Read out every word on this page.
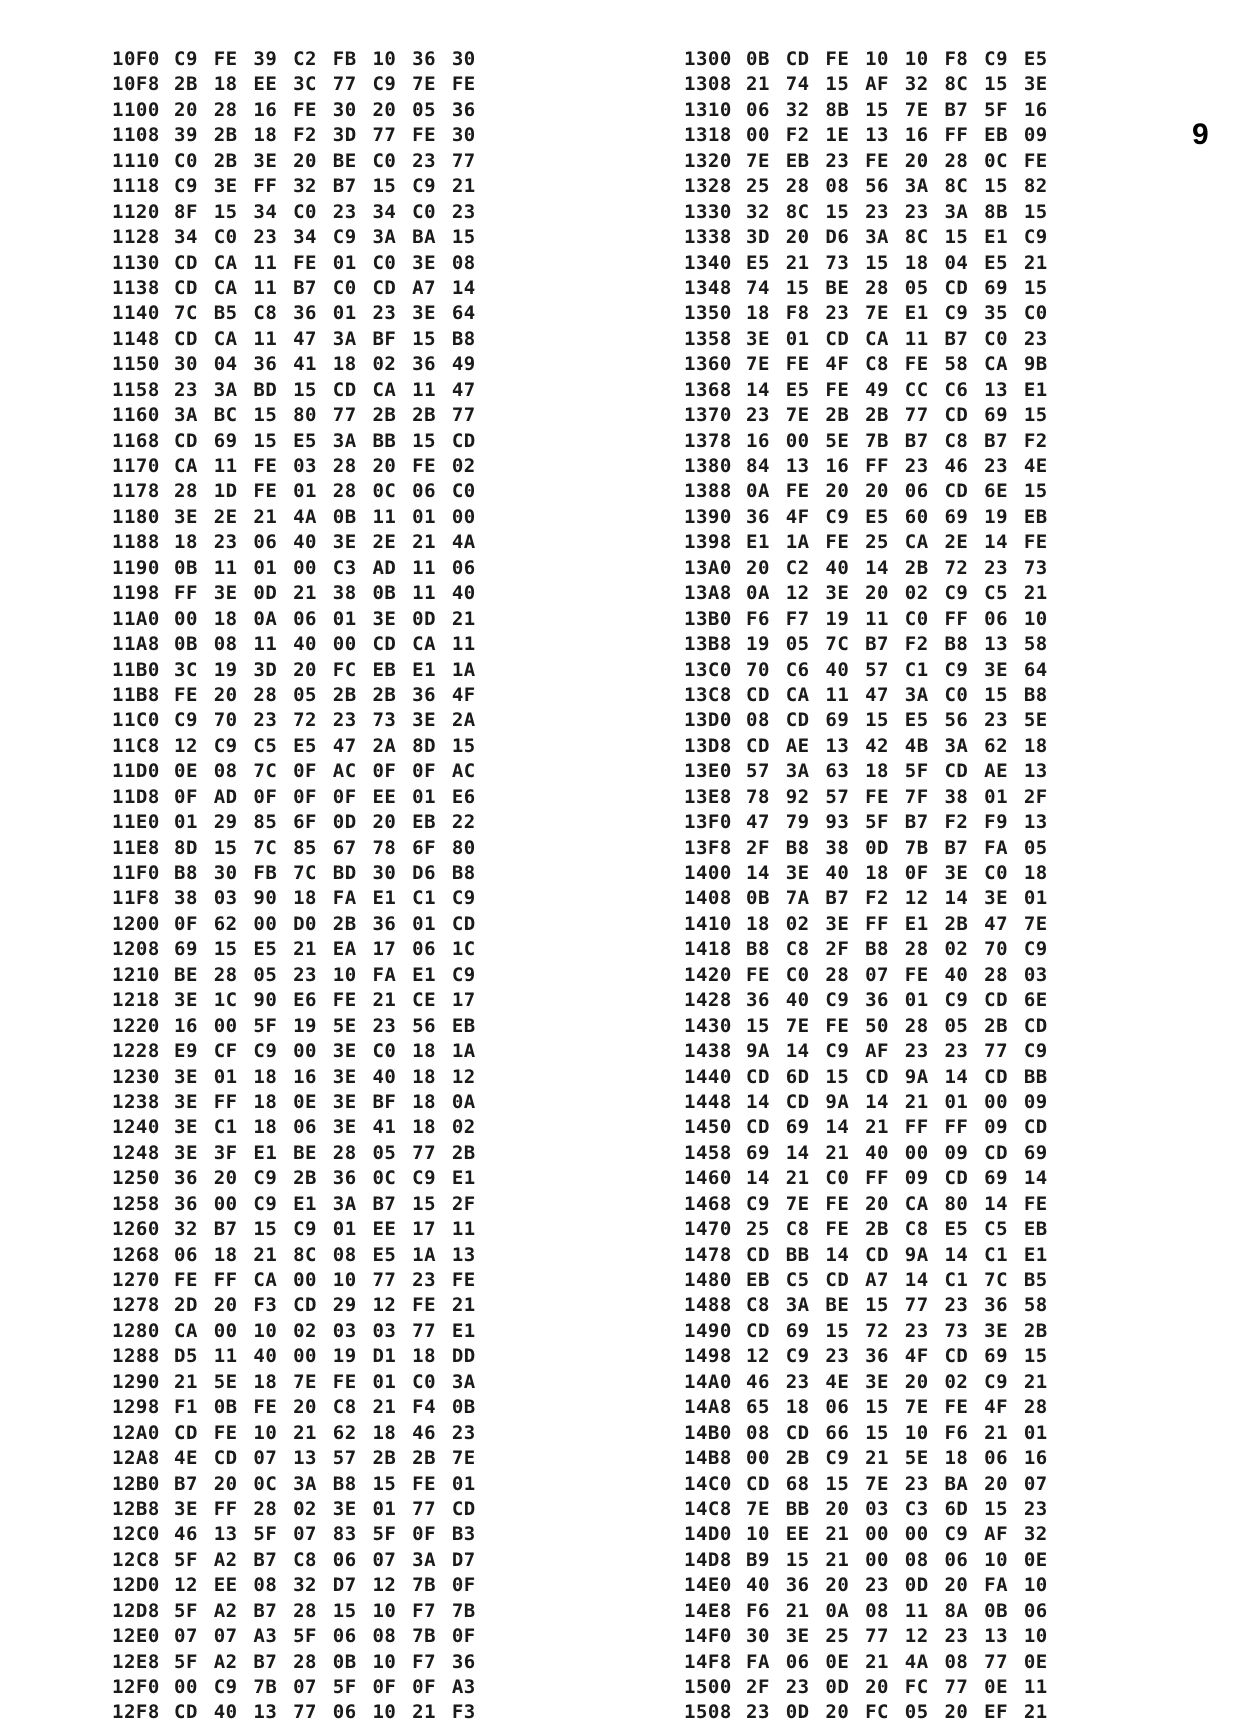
10F0 C9 FE 39 C2 FB 10 36 30
10F8 2B 18 EE 3C 77 C9 7E FE
1100 20 28 16 FE 30 20 05 36
1108 39 2B 18 F2 3D 77 FE 30
1110 C0 2B 3E 20 BE C0 23 77
1118 C9 3E FF 32 B7 15 C9 21
1120 8F 15 34 C0 23 34 C0 23
1128 34 C0 23 34 C9 3A BA 15
1130 CD CA 11 FE 01 C0 3E 08
1138 CD CA 11 B7 C0 CD A7 14
1140 7C B5 C8 36 01 23 3E 64
1148 CD CA 11 47 3A BF 15 B8
1150 30 04 36 41 18 02 36 49
1158 23 3A BD 15 CD CA 11 47
1160 3A BC 15 80 77 2B 2B 77
1168 CD 69 15 E5 3A BB 15 CD
1170 CA 11 FE 03 28 20 FE 02
1178 28 1D FE 01 28 0C 06 C0
1180 3E 2E 21 4A 0B 11 01 00
1188 18 23 06 40 3E 2E 21 4A
1190 0B 11 01 00 C3 AD 11 06
1198 FF 3E 0D 21 38 0B 11 40
11A0 00 18 0A 06 01 3E 0D 21
11A8 0B 08 11 40 00 CD CA 11
11B0 3C 19 3D 20 FC EB E1 1A
11B8 FE 20 28 05 2B 2B 36 4F
11C0 C9 70 23 72 23 73 3E 2A
11C8 12 C9 C5 E5 47 2A 8D 15
11D0 0E 08 7C 0F AC 0F 0F AC
11D8 0F AD 0F 0F 0F EE 01 E6
11E0 01 29 85 6F 0D 20 EB 22
11E8 8D 15 7C 85 67 78 6F 80
11F0 B8 30 FB 7C BD 30 D6 B8
11F8 38 03 90 18 FA E1 C1 C9
1200 0F 62 00 D0 2B 36 01 CD
1208 69 15 E5 21 EA 17 06 1C
1210 BE 28 05 23 10 FA E1 C9
1218 3E 1C 90 E6 FE 21 CE 17
1220 16 00 5F 19 5E 23 56 EB
1228 E9 CF C9 00 3E C0 18 1A
1230 3E 01 18 16 3E 40 18 12
1238 3E FF 18 0E 3E BF 18 0A
1240 3E C1 18 06 3E 41 18 02
1248 3E 3F E1 BE 28 05 77 2B
1250 36 20 C9 2B 36 0C C9 E1
1258 36 00 C9 E1 3A B7 15 2F
1260 32 B7 15 C9 01 EE 17 11
1268 06 18 21 8C 08 E5 1A 13
1270 FE FF CA 00 10 77 23 FE
1278 2D 20 F3 CD 29 12 FE 21
1280 CA 00 10 02 03 03 77 E1
1288 D5 11 40 00 19 D1 18 DD
1290 21 5E 18 7E FE 01 C0 3A
1298 F1 0B FE 20 C8 21 F4 0B
12A0 CD FE 10 21 62 18 46 23
12A8 4E CD 07 13 57 2B 2B 7E
12B0 B7 20 0C 3A B8 15 FE 01
12B8 3E FF 28 02 3E 01 77 CD
12C0 46 13 5F 07 83 5F 0F B3
12C8 5F A2 B7 C8 06 07 3A D7
12D0 12 EE 08 32 D7 12 7B 0F
12D8 5F A2 B7 28 15 10 F7 7B
12E0 07 07 A3 5F 06 08 7B 0F
12E8 5F A2 B7 28 0B 10 F7 36
12F0 00 C9 7B 07 5F 0F 0F A3
12F8 CD 40 13 77 06 10 21 F3
1300 0B CD FE 10 10 F8 C9 E5
1308 21 74 15 AF 32 8C 15 3E
1310 06 32 8B 15 7E B7 5F 16
1318 00 F2 1E 13 16 FF EB 09
1320 7E EB 23 FE 20 28 0C FE
1328 25 28 08 56 3A 8C 15 82
1330 32 8C 15 23 23 3A 8B 15
1338 3D 20 D6 3A 8C 15 E1 C9
1340 E5 21 73 15 18 04 E5 21
1348 74 15 BE 28 05 CD 69 15
1350 18 F8 23 7E E1 C9 35 C0
1358 3E 01 CD CA 11 B7 C0 23
1360 7E FE 4F C8 FE 58 CA 9B
1368 14 E5 FE 49 CC C6 13 E1
1370 23 7E 2B 2B 77 CD 69 15
1378 16 00 5E 7B B7 C8 B7 F2
1380 84 13 16 FF 23 46 23 4E
1388 0A FE 20 20 06 CD 6E 15
1390 36 4F C9 E5 60 69 19 EB
1398 E1 1A FE 25 CA 2E 14 FE
13A0 20 C2 40 14 2B 72 23 73
13A8 0A 12 3E 20 02 C9 C5 21
13B0 F6 F7 19 11 C0 FF 06 10
13B8 19 05 7C B7 F2 B8 13 58
13C0 70 C6 40 57 C1 C9 3E 64
13C8 CD CA 11 47 3A C0 15 B8
13D0 08 CD 69 15 E5 56 23 5E
13D8 CD AE 13 42 4B 3A 62 18
13E0 57 3A 63 18 5F CD AE 13
13E8 78 92 57 FE 7F 38 01 2F
13F0 47 79 93 5F B7 F2 F9 13
13F8 2F B8 38 0D 7B B7 FA 05
1400 14 3E 40 18 0F 3E C0 18
1408 0B 7A B7 F2 12 14 3E 01
1410 18 02 3E FF E1 2B 47 7E
1418 B8 C8 2F B8 28 02 70 C9
1420 FE C0 28 07 FE 40 28 03
1428 36 40 C9 36 01 C9 CD 6E
1430 15 7E FE 50 28 05 2B CD
1438 9A 14 C9 AF 23 23 77 C9
1440 CD 6D 15 CD 9A 14 CD BB
1448 14 CD 9A 14 21 01 00 09
1450 CD 69 14 21 FF FF 09 CD
1458 69 14 21 40 00 09 CD 69
1460 14 21 C0 FF 09 CD 69 14
1468 C9 7E FE 20 CA 80 14 FE
1470 25 C8 FE 2B C8 E5 C5 EB
1478 CD BB 14 CD 9A 14 C1 E1
1480 EB C5 CD A7 14 C1 7C B5
1488 C8 3A BE 15 77 23 36 58
1490 CD 69 15 72 23 73 3E 2B
1498 12 C9 23 36 4F CD 69 15
14A0 46 23 4E 3E 20 02 C9 21
14A8 65 18 06 15 7E FE 4F 28
14B0 08 CD 66 15 10 F6 21 01
14B8 00 2B C9 21 5E 18 06 16
14C0 CD 68 15 7E 23 BA 20 07
14C8 7E BB 20 03 C3 6D 15 23
14D0 10 EE 21 00 00 C9 AF 32
14D8 B9 15 21 00 08 06 10 0E
14E0 40 36 20 23 0D 20 FA 10
14E8 F6 21 0A 08 11 8A 0B 06
14F0 30 3E 25 77 12 23 13 10
14F8 FA 06 0E 21 4A 08 77 0E
1500 2F 23 0D 20 FC 77 0E 11
1508 23 0D 20 FC 05 20 EF 21
9
